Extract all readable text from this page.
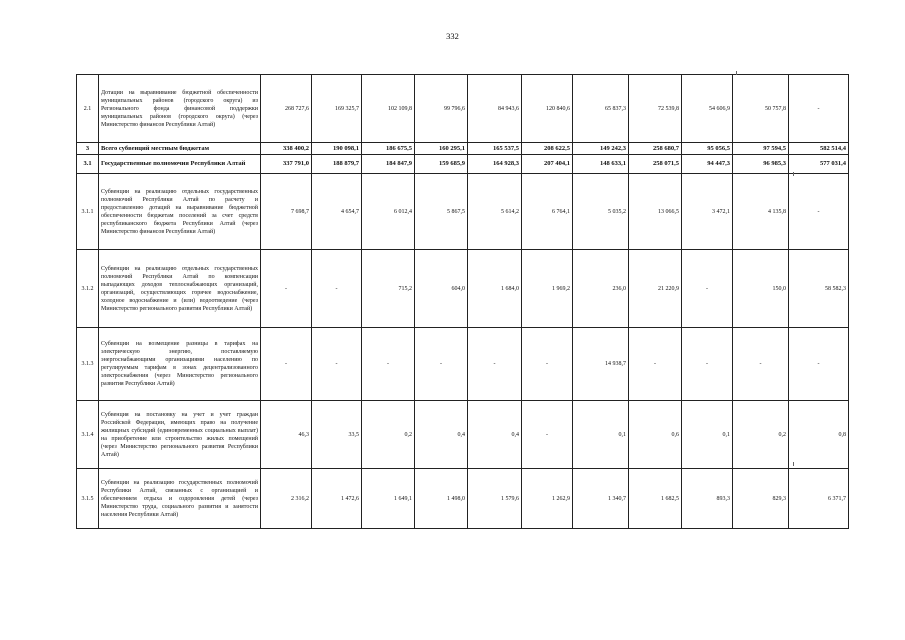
332
2.1	Дотации на выравнивание бюджетной обеспеченности муниципальных районов (городского округа) из Регионального фонда финансовой поддержки муниципальных районов (городского округа) (через Министерство финансов Республики Алтай)	268 727,6	169 325,7	102 109,8	99 796,6	84 943,6	120 840,6	65 837,3	72 539,8	54 606,9	50 757,8	-
3	Всего субвенций местным бюджетам	338 400,2	190 098,1	186 675,5	160 295,1	165 537,5	208 622,5	149 242,3	258 680,7	95 056,5	97 594,5	582 514,4
3.1	Государственные полномочия Республики Алтай	337 791,0	188 879,7	184 847,9	159 685,9	164 928,3	207 404,1	148 633,1	258 071,5	94 447,3	96 985,3	577 031,4
3.1.1	Субвенции на реализацию отдельных государственных полномочий Республики Алтай по расчету и предоставлению дотаций на выравнивание бюджетной обеспеченности бюджетам поселений за счет средств республиканского бюджета Республики Алтай (через Министерство финансов Республики Алтай)	7 698,7	4 654,7	6 012,4	5 867,5	5 614,2	6 764,1	5 035,2	13 066,5	3 472,1	4 135,8	-
3.1.2	Субвенции на реализацию отдельных государственных полномочий Республики Алтай по компенсации выпадающих доходов теплоснабжающих организаций, организаций, осуществляющих горячее водоснабжение, холодное водоснабжение и (или) водоотведение (через Министерство регионального развития Республики Алтай)	-	-	715,2	604,0	1 684,0	1 969,2	236,0	21 220,9	-	150,0	58 582,3
3.1.3	Субвенции на возмещение разницы в тарифах на электрическую энергию, поставляемую энергоснабжающими организациями населению по регулируемым тарифам в зонах децентрализованного электроснабжения (через Министерство регионального развития Республики Алтай)	-	-	-	-	-	-	14 938,7	-	-	-	-
3.1.4	Субвенция на постановку на учет и учет граждан Российской Федерации, имеющих право на получение жилищных субсидий (единовременных социальных выплат) на приобретение или строительство жилых помещений (через Министерство регионального развития Республики Алтай)	46,3	33,5	0,2	0,4	0,4	-	0,1	0,6	0,1	0,2	0,8
3.1.5	Субвенции на реализацию государственных полномочий Республики Алтай, связанных с организацией и обеспечением отдыха и оздоровления детей (через Министерство труда, социального развития и занятости населения Республики Алтай)	2 316,2	1 472,6	1 649,1	1 498,0	1 579,6	1 262,9	1 340,7	1 682,5	893,3	829,3	6 371,7
